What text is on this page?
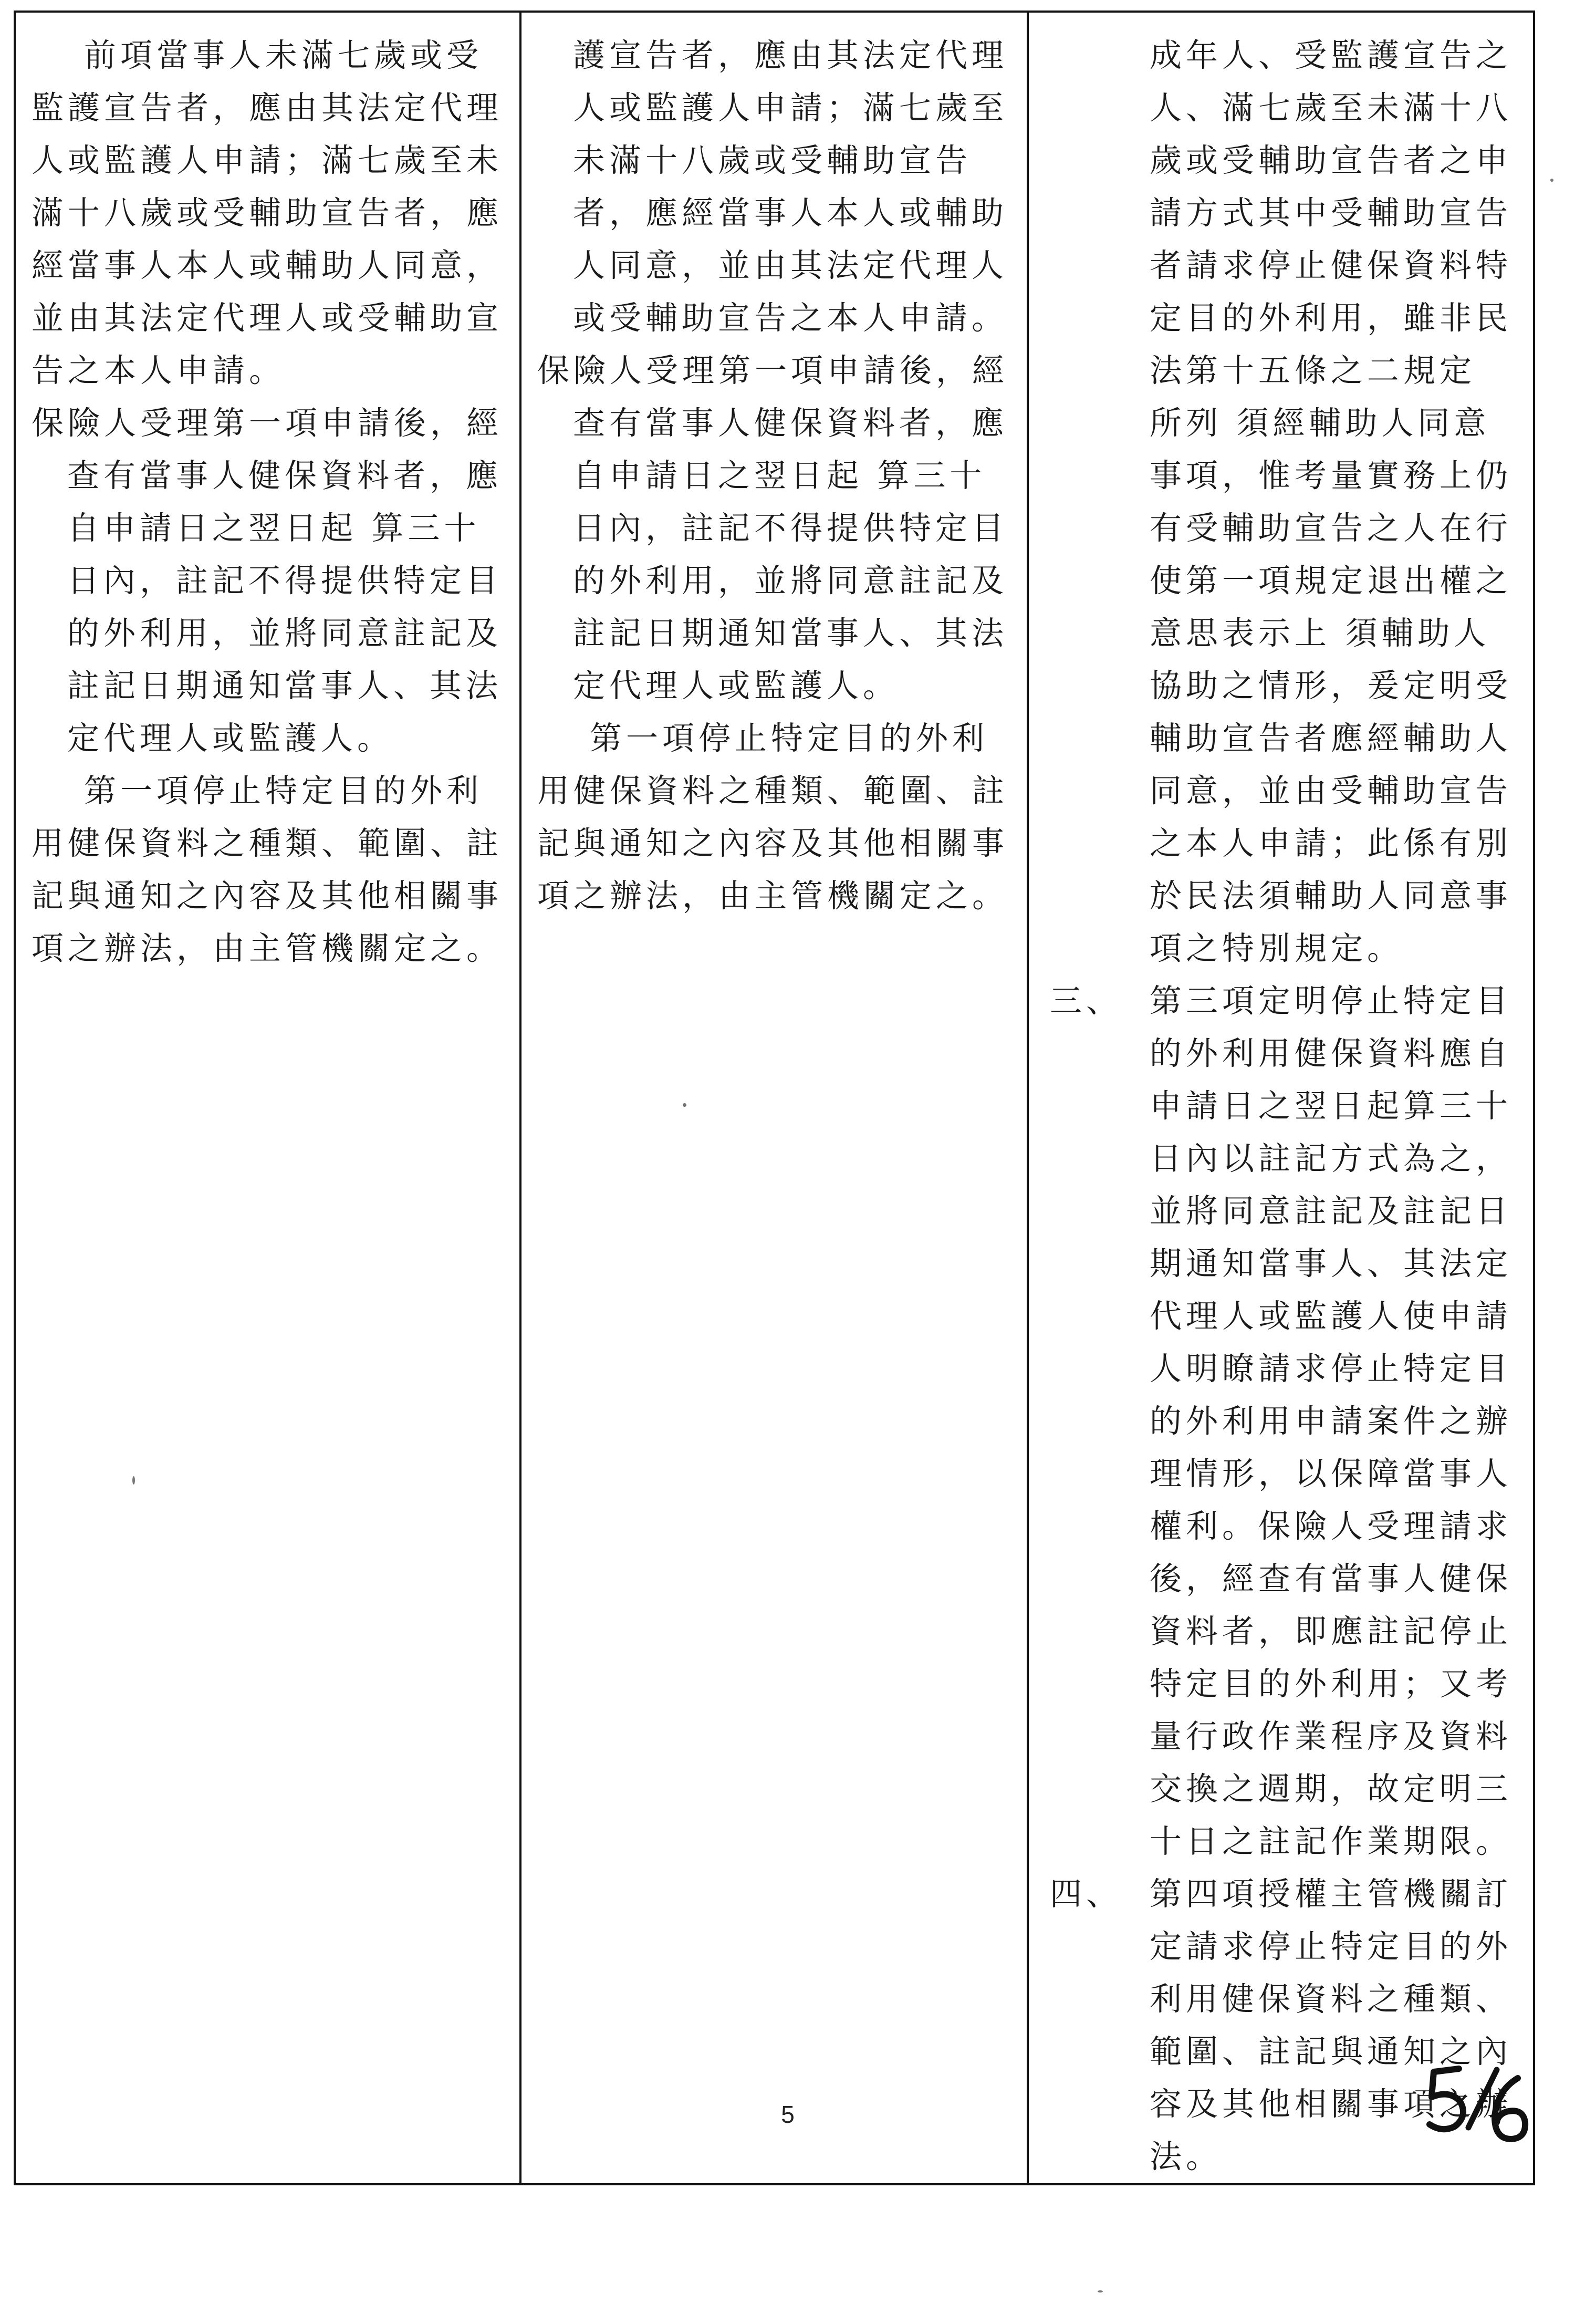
前項當事人未滿七歲或受監護宣告者，應由其法定代理人或監護人申請；滿七歲至未滿十八歲或受輔助宣告者，應經當事人本人或輔助人同意，並由其法定代理人或受輔助宣告之本人申請。

保險人受理第一項申請後，經查有當事人健保資料者，應自申請日之翌日起 算三十日內，註記不得提供特定目的外利用，並將同意註記及註記日期通知當事人、其法定代理人或監護人。

第一項停止特定目的外利用健保資料之種類、範圍、註記與通知之內容及其他相關事項之辦法，由主管機關定之。

護宣告者，應由其法定代理人或監護人申請；滿七歲至未滿十八歲或受輔助宣告者，應經當事人本人或輔助人同意，並由其法定代理人或受輔助宣告之本人申請。

保險人受理第一項申請後，經查有當事人健保資料者，應自申請日之翌日起 算三十日內，註記不得提供特定目的外利用，並將同意註記及註記日期通知當事人、其法定代理人或監護人。

第一項停止特定目的外利用健保資料之種類、範圍、註記與通知之內容及其他相關事項之辦法，由主管機關定之。

成年人、受監護宣告之人、滿七歲至未滿十八歲或受輔助宣告者之申請方式其中受輔助宣告者請求停止健保資料特定目的外利用，雖非民法第十五條之二規定 所列 須經輔助人同意事項，惟考量實務上仍有受輔助宣告之人在行使第一項規定退出權之意思表示上 須輔助人協助之情形，爰定明受輔助宣告者應經輔助人同意，並由受輔助宣告之本人申請；此係有別於民法須輔助人同意事項之特別規定。

三、 第三項定明停止特定目的外利用健保資料應自申請日之翌日起算三十日內以註記方式為之，並將同意註記及註記日期通知當事人、其法定代理人或監護人使申請人明瞭請求停止特定目的外利用申請案件之辦理情形，以保障當事人權利。保險人受理請求後，經查有當事人健保資料者，即應註記停止特定目的外利用；又考量行政作業程序及資料交換之週期，故定明三十日之註記作業期限。
四、 第四項授權主管機關訂定請求停止特定目的外利用健保資料之種類、範圍、註記與通知之內容及其他相關事項之辦法。
5
